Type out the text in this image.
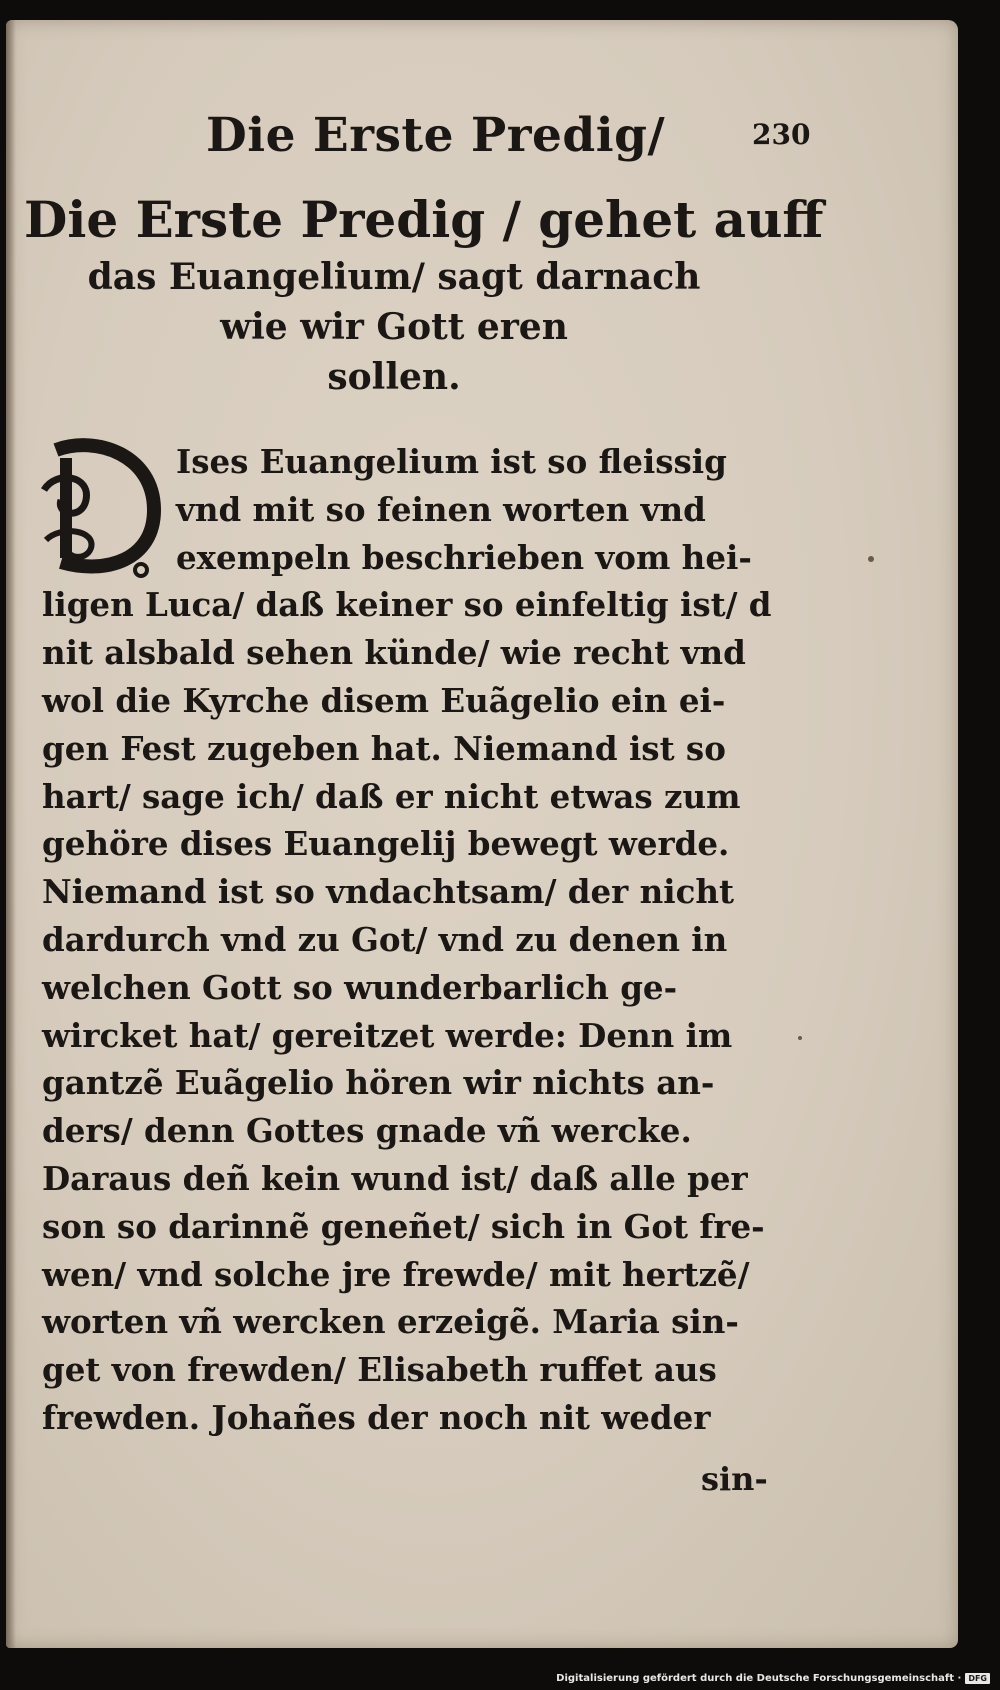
Die Erste Predig/	230
Die Erste Predig / gehet auff
das Euangelium/ sagt darnach
wie wir Gott eren
sollen.
Ises Euangelium ist so fleissig
vnd mit so feinen worten vnd
exempeln beschrieben vom hei-
ligen Luca/ daß keiner so einfeltig ist/ d
nit alsbald sehen künde/ wie recht vnd
wol die Kyrche disem Euãgelio ein ei-
gen Fest zugeben hat. Niemand ist so
hart/ sage ich/ daß er nicht etwas zum
gehöre dises Euangelij bewegt werde.
Niemand ist so vndachtsam/ der nicht
dardurch vnd zu Got/ vnd zu denen in
welchen Gott so wunderbarlich ge-
wircket hat/ gereitzet werde: Denn im
gantzẽ Euãgelio hören wir nichts an-
ders/ denn Gottes gnade vñ wercke.
Daraus deñ kein wund ist/ daß alle per
son so darinnẽ geneñet/ sich in Got fre-
wen/ vnd solche jre frewde/ mit hertzẽ/
worten vñ wercken erzeigẽ. Maria sin-
get von frewden/ Elisabeth ruffet aus
frewden. Johañes der noch nit weder
sin-
Digitalisierung gefördert durch die Deutsche Forschungsgemeinschaft · DFG
